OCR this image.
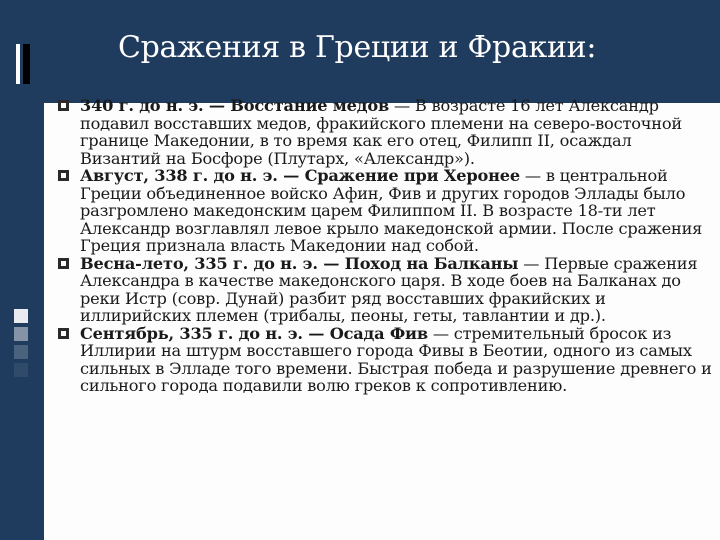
Сражения в Греции и Фракии:
340 г. до н. э. — Восстание медов — В возрасте 16 лет Александр подавил восставших медов, фракийского племени на северо-восточной границе Македонии, в то время как его отец, Филипп II, осаждал Византий на Босфоре (Плутарх, «Александр»).
Август, 338 г. до н. э. — Сражение при Херонее — в центральной Греции объединенное войско Афин, Фив и других городов Эллады было разгромлено македонским царем Филиппом II. В возрасте 18-ти лет Александр возглавлял левое крыло македонской армии. После сражения Греция признала власть Македонии над собой.
Весна-лето, 335 г. до н. э. — Поход на Балканы — Первые сражения Александра в качестве македонского царя. В ходе боев на Балканах до реки Истр (совр. Дунай) разбит ряд восставших фракийских и иллирийских племен (трибалы, пеоны, геты, тавлантии и др.).
Сентябрь, 335 г. до н. э. — Осада Фив — стремительный бросок из Иллирии на штурм восставшего города Фивы в Беотии, одного из самых сильных в Элладе того времени. Быстрая победа и разрушение древнего и сильного города подавили волю греков к сопротивлению.
